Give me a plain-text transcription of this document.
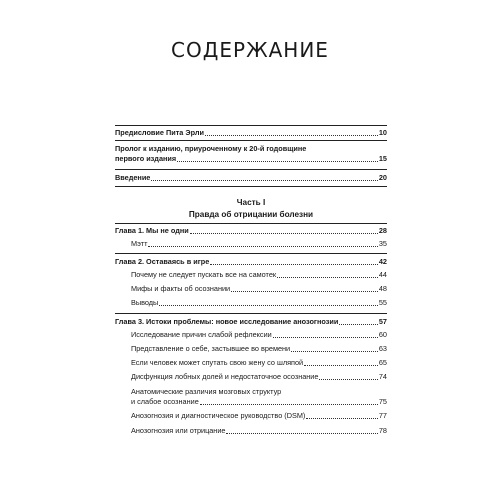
СОДЕРЖАНИЕ
Предисловие Пита Эрли	10
Пролог к изданию, приуроченному к 20-й годовщине
первого издания	15
Введение	20
Часть I
Правда об отрицании болезни
Глава 1. Мы не одни	28
Мэтт	35
Глава 2. Оставаясь в игре	42
Почему не следует пускать все на самотек	44
Мифы и факты об осознании	48
Выводы	55
Глава 3. Истоки проблемы: новое исследование анозогнозии	57
Исследование причин слабой рефлексии	60
Представление о себе, застывшее во времени	63
Если человек может спутать свою жену со шляпой	65
Дисфункция лобных долей и недостаточное осознание	74
Анатомические различия мозговых структур
и слабое осознание	75
Анозогнозия и диагностическое руководство (DSM)	77
Анозогнозия или отрицание	78
